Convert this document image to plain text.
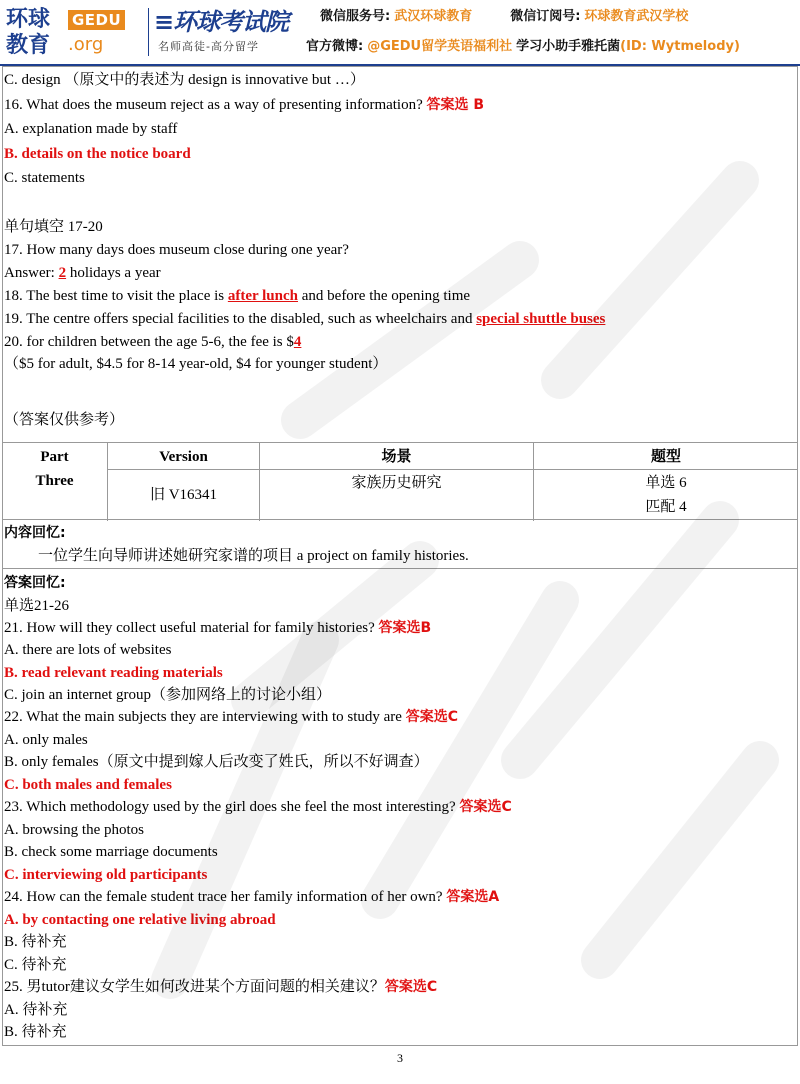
环球
教育
GEDU
.org
≡环球考试院
名师高徒-高分留学
微信服务号: 武汉环球教育	微信订阅号: 环球教育武汉学校
官方微博: @GEDU留学英语福利社 学习小助手雅托菌(ID: Wytmelody)
C. design （原文中的表述为 design is innovative but …）
16. What does the museum reject as a way of presenting information? 答案选 B
A. explanation made by staff
B. details on the notice board
C. statements
单句填空 17-20
17. How many days does museum close during one year?
Answer: 2 holidays a year
18. The best time to visit the place is after lunch and before the opening time
19. The centre offers special facilities to the disabled, such as wheelchairs and special shuttle buses
20. for children between the age 5-6, the fee is $4
（$5 for adult, $4.5 for 8-14 year-old, $4 for younger student）
（答案仅供参考）
Part
Three
Version
旧 V16341
场景
家族历史研究
题型
单选 6
匹配 4
内容回忆:
一位学生向导师讲述她研究家谱的项目 a project on family histories.
答案回忆:
单选21-26
21. How will they collect useful material for family histories? 答案选B
A. there are lots of websites
B. read relevant reading materials
C. join an internet group（参加网络上的讨论小组）
22. What the main subjects they are interviewing with to study are 答案选C
A. only males
B. only females（原文中提到嫁人后改变了姓氏，所以不好调查）
C. both males and females
23. Which methodology used by the girl does she feel the most interesting? 答案选C
A. browsing the photos
B. check some marriage documents
C. interviewing old participants
24. How can the female student trace her family information of her own? 答案选A
A. by contacting one relative living abroad
B. 待补充
C. 待补充
25. 男tutor建议女学生如何改进某个方面问题的相关建议？答案选C
A. 待补充
B. 待补充
3
